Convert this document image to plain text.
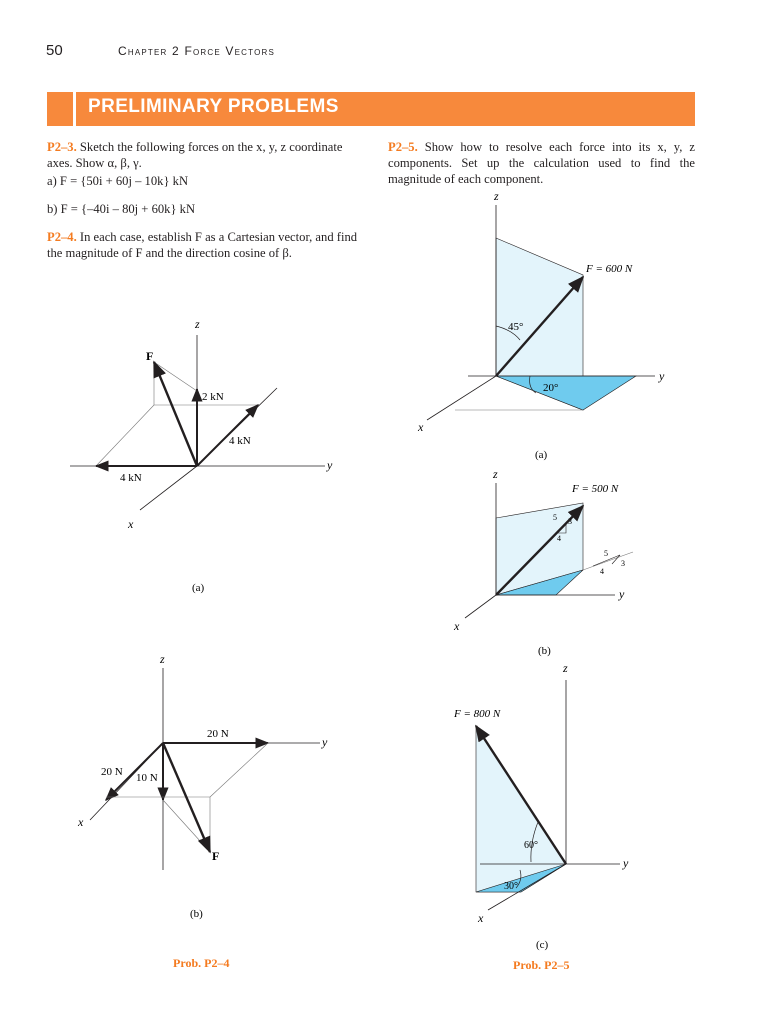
50	Chapter 2 Force Vectors
PRELIMINARY PROBLEMS
P2–3. Sketch the following forces on the x, y, z coordinate axes. Show α, β, γ.
a) F = {50i + 60j – 10k} kN
b) F = {–40i – 80j + 60k} kN
P2–4. In each case, establish F as a Cartesian vector, and find the magnitude of F and the direction cosine of β.
P2–5. Show how to resolve each force into its x, y, z components. Set up the calculation used to find the magnitude of each component.
z
y
x
F
2 kN
4 kN
4 kN
(a)
z
y
x
F
20 N
20 N 10 N
(b)
z
y
x
F = 600 N
45°
20°
(a)
z
y
x
F = 500 N
5 3
4
5
4
3
(b)
z
y
x
F = 800 N
60°
30°
(c)
Prob. P2–4	Prob. P2–5
